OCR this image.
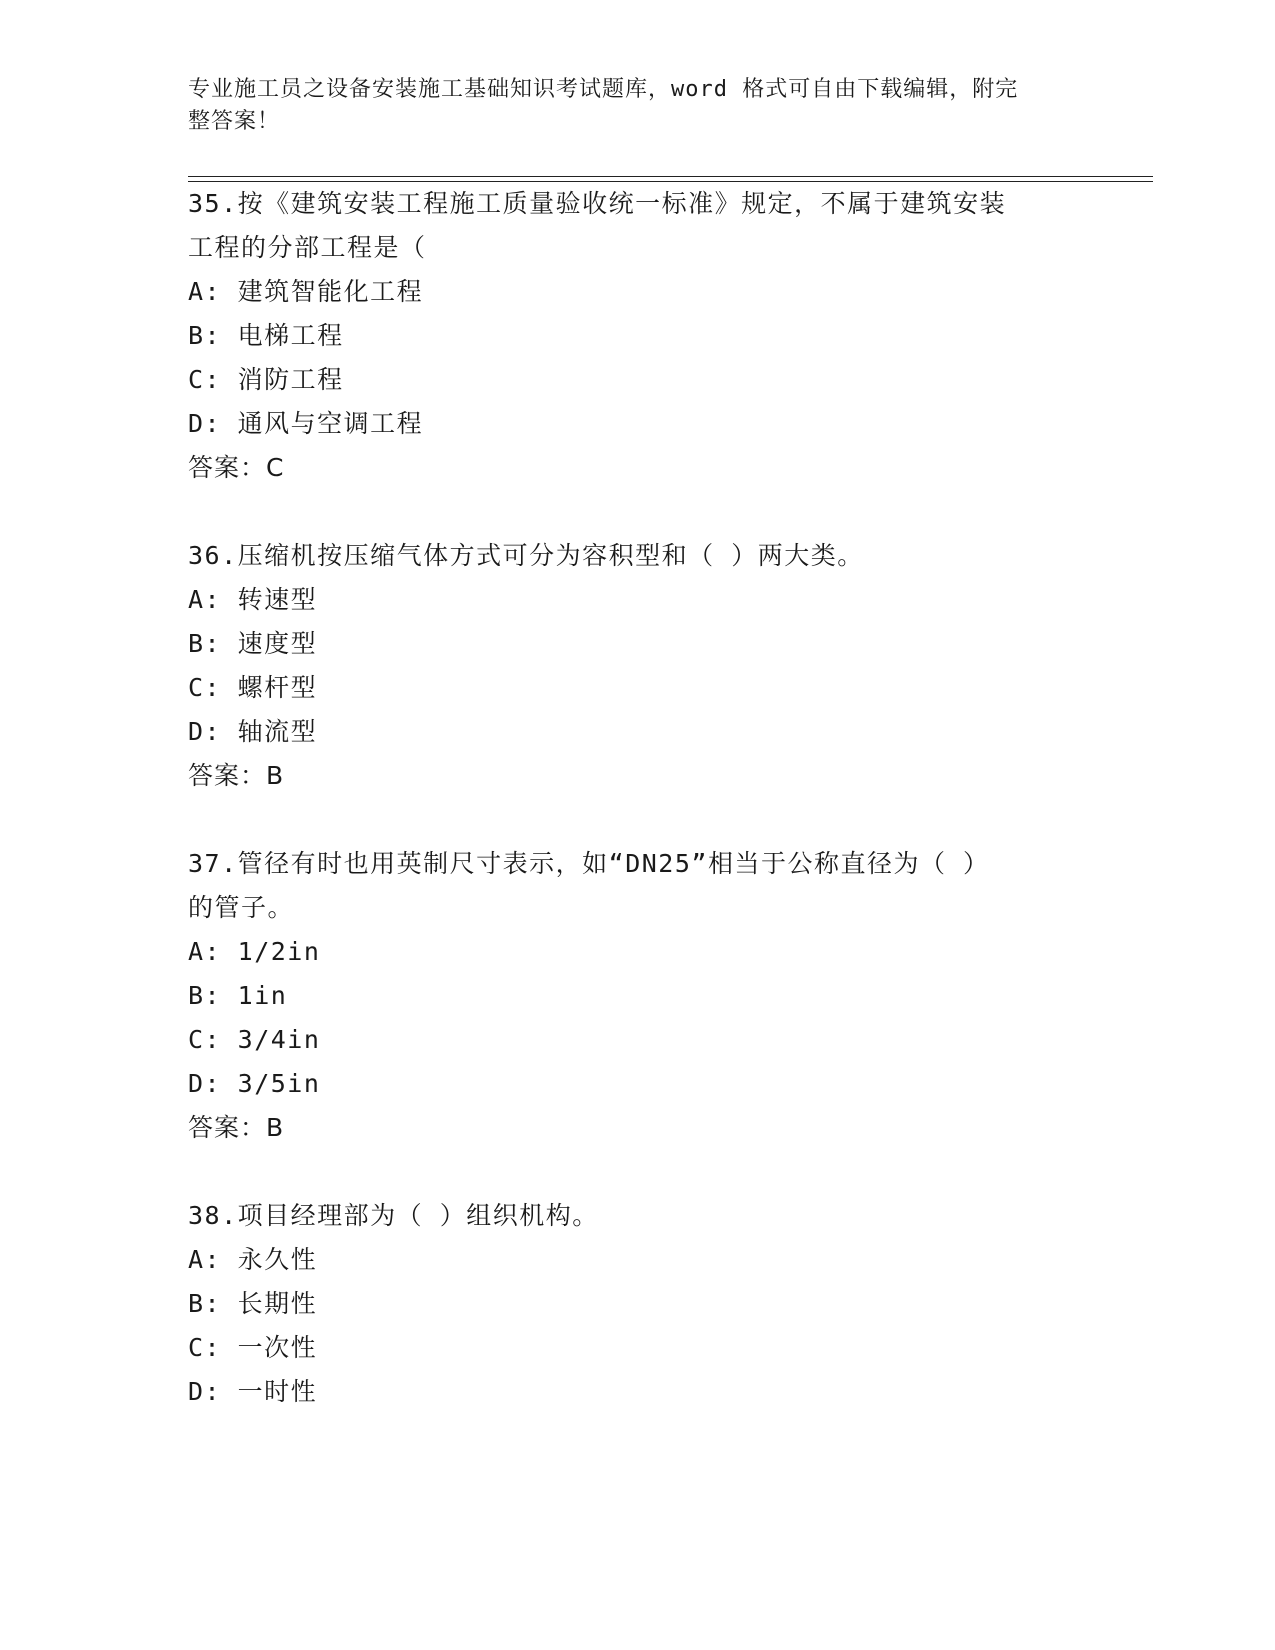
专业施工员之设备安装施工基础知识考试题库，word 格式可自由下载编辑，附完
整答案！
35.按《建筑安装工程施工质量验收统一标准》规定，不属于建筑安装
工程的分部工程是（
A: 建筑智能化工程
B: 电梯工程
C: 消防工程
D: 通风与空调工程
答案：C
36.压缩机按压缩气体方式可分为容积型和（ ）两大类。
A: 转速型
B: 速度型
C: 螺杆型
D: 轴流型
答案：B
37.管径有时也用英制尺寸表示，如“DN25”相当于公称直径为（ ）
的管子。
A: 1/2in
B: 1in
C: 3/4in
D: 3/5in
答案：B
38.项目经理部为（ ）组织机构。
A: 永久性
B: 长期性
C: 一次性
D: 一时性
